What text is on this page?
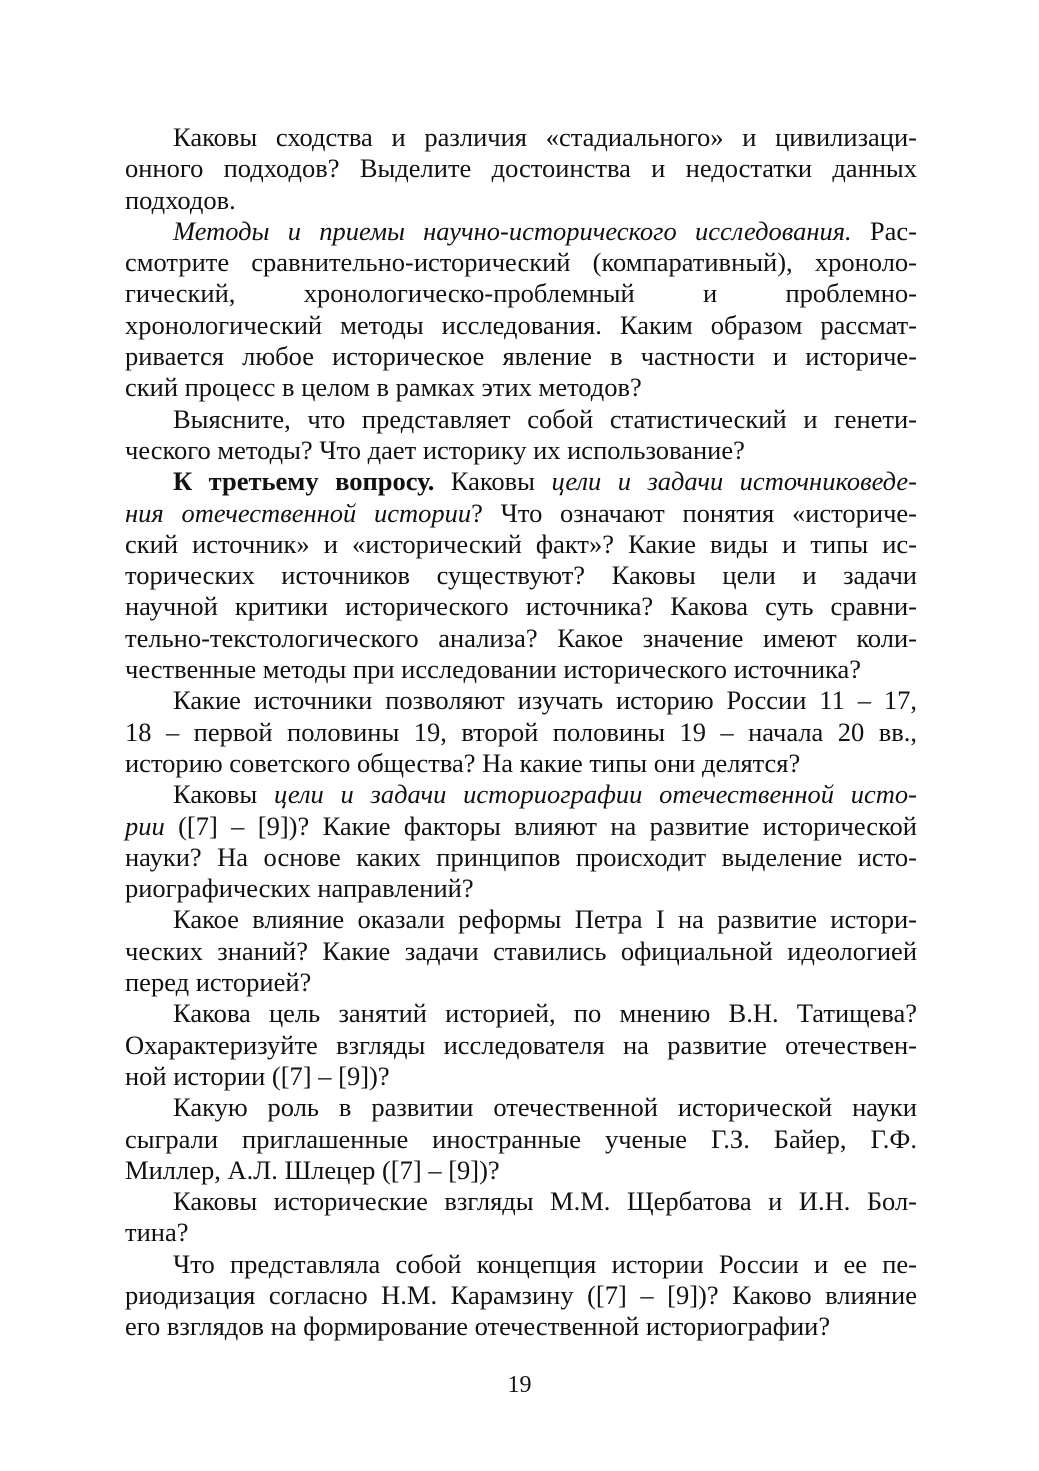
Каковы сходства и различия «стадиального» и цивилизаци-
онного подходов? Выделите достоинства и недостатки данных
подходов.
Методы и приемы научно-исторического исследования. Рас-
смотрите сравнительно-исторический (компаративный), хроноло-
гический, хронологическо-проблемный и проблемно-
хронологический методы исследования. Каким образом рассмат-
ривается любое историческое явление в частности и историче-
ский процесс в целом в рамках этих методов?
Выясните, что представляет собой статистический и генети-
ческого методы? Что дает историку их использование?
К третьему вопросу. Каковы цели и задачи источниковеде-
ния отечественной истории? Что означают понятия «историче-
ский источник» и «исторический факт»? Какие виды и типы ис-
торических источников существуют? Каковы цели и задачи
научной критики исторического источника? Какова суть сравни-
тельно-текстологического анализа? Какое значение имеют коли-
чественные методы при исследовании исторического источника?
Какие источники позволяют изучать историю России 11 – 17,
18 – первой половины 19, второй половины 19 – начала 20 вв.,
историю советского общества? На какие типы они делятся?
Каковы цели и задачи историографии отечественной исто-
рии ([7] – [9])? Какие факторы влияют на развитие исторической
науки? На основе каких принципов происходит выделение исто-
риографических направлений?
Какое влияние оказали реформы Петра I на развитие истори-
ческих знаний? Какие задачи ставились официальной идеологией
перед историей?
Какова цель занятий историей, по мнению В.Н. Татищева?
Охарактеризуйте взгляды исследователя на развитие отечествен-
ной истории ([7] – [9])?
Какую роль в развитии отечественной исторической науки
сыграли приглашенные иностранные ученые Г.З. Байер, Г.Ф.
Миллер, А.Л. Шлецер ([7] – [9])?
Каковы исторические взгляды М.М. Щербатова и И.Н. Бол-
тина?
Что представляла собой концепция истории России и ее пе-
риодизация согласно Н.М. Карамзину ([7] – [9])? Каково влияние
его взглядов на формирование отечественной историографии?
19
